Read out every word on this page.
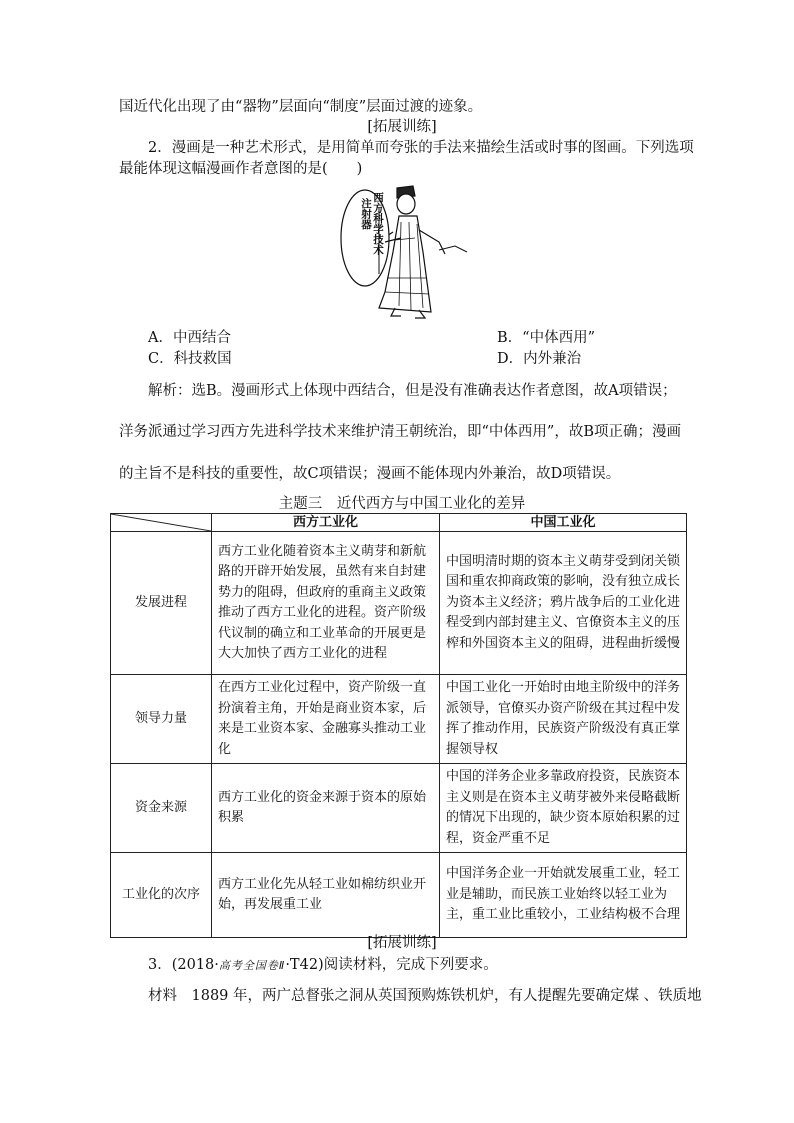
国近代化出现了由“器物”层面向“制度”层面过渡的迹象。
[拓展训练]
2．漫画是一种艺术形式，是用简单而夸张的手法来描绘生活或时事的图画。下列选项
最能体现这幅漫画作者意图的是(　　)
注射器 西方科学技术
A．中西结合	B．“中体西用”
C．科技救国	D．内外兼治
解析：选B。漫画形式上体现中西结合，但是没有准确表达作者意图，故A项错误；
洋务派通过学习西方先进科学技术来维护清王朝统治，即“中体西用”，故B项正确；漫画
的主旨不是科技的重要性，故C项错误；漫画不能体现内外兼治，故D项错误。
主题三　近代西方与中国工业化的差异
	西方工业化	中国工业化
发展进程	西方工业化随着资本主义萌芽和新航路的开辟开始发展，虽然有来自封建势力的阻碍，但政府的重商主义政策推动了西方工业化的进程。资产阶级代议制的确立和工业革命的开展更是大大加快了西方工业化的进程	中国明清时期的资本主义萌芽受到闭关锁国和重农抑商政策的影响，没有独立成长为资本主义经济；鸦片战争后的工业化进程受到内部封建主义、官僚资本主义的压榨和外国资本主义的阻碍，进程曲折缓慢
领导力量	在西方工业化过程中，资产阶级一直扮演着主角，开始是商业资本家，后来是工业资本家、金融寡头推动工业化	中国工业化一开始时由地主阶级中的洋务派领导，官僚买办资产阶级在其过程中发挥了推动作用，民族资产阶级没有真正掌握领导权
资金来源	西方工业化的资金来源于资本的原始积累	中国的洋务企业多靠政府投资，民族资本主义则是在资本主义萌芽被外来侵略截断的情况下出现的，缺少资本原始积累的过程，资金严重不足
工业化的次序	西方工业化先从轻工业如棉纺织业开始，再发展重工业	中国洋务企业一开始就发展重工业，轻工业是辅助，而民族工业始终以轻工业为主，重工业比重较小，工业结构极不合理
[拓展训练]
3．(2018·高考全国卷Ⅱ·T42)阅读材料，完成下列要求。
材料　1889 年，两广总督张之洞从英国预购炼铁机炉，有人提醒先要确定煤 、铁质地
